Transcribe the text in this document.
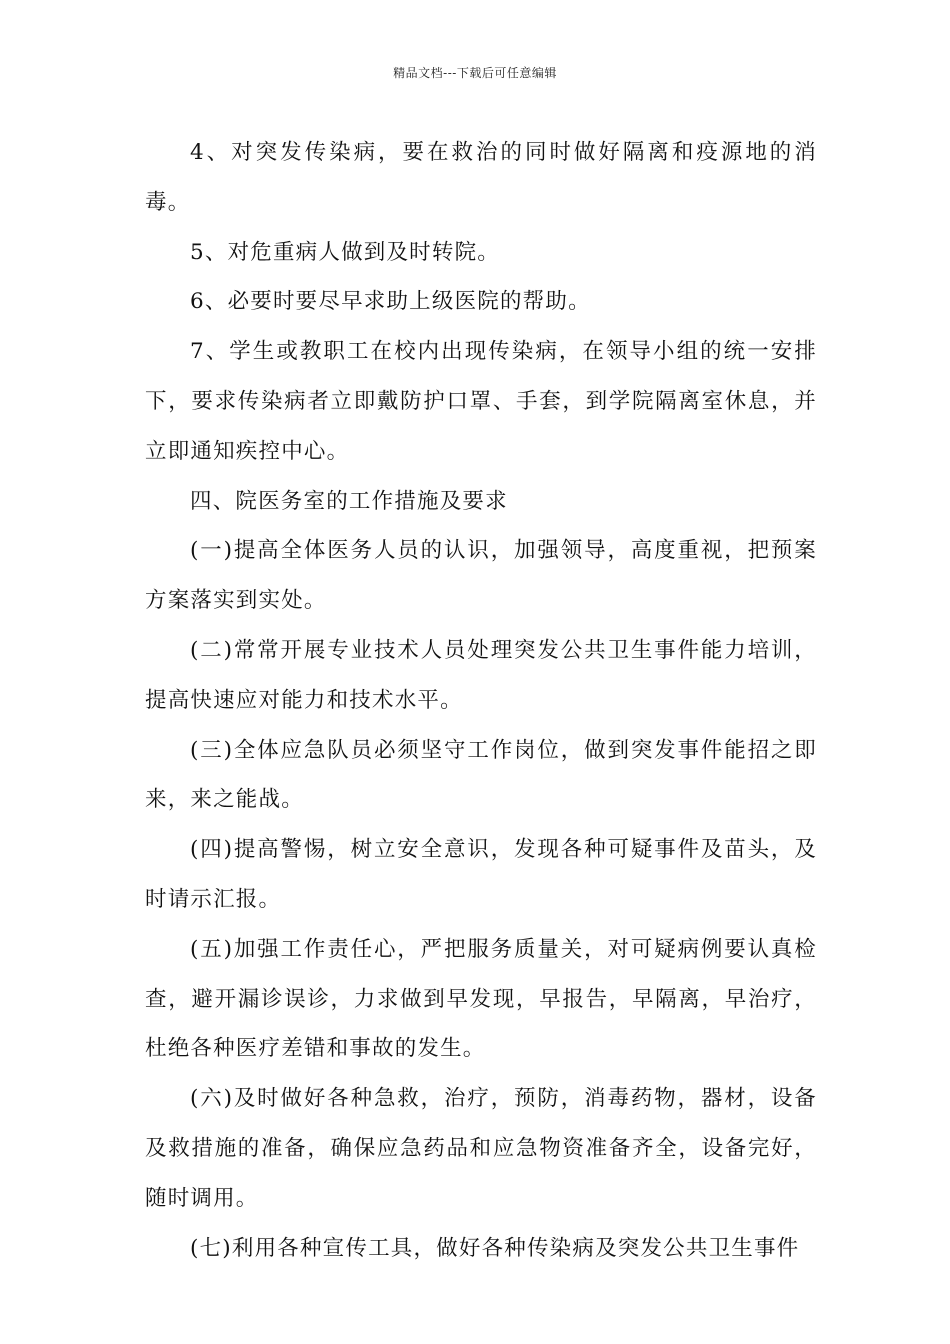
精品文档---下载后可任意编辑

4、对突发传染病，要在救治的同时做好隔离和疫源地的消毒。

5、对危重病人做到及时转院。

6、必要时要尽早求助上级医院的帮助。

7、学生或教职工在校内出现传染病，在领导小组的统一安排下，要求传染病者立即戴防护口罩、手套，到学院隔离室休息，并立即通知疾控中心。

四、院医务室的工作措施及要求

(一)提高全体医务人员的认识，加强领导，高度重视，把预案方案落实到实处。

(二)常常开展专业技术人员处理突发公共卫生事件能力培训，提高快速应对能力和技术水平。

(三)全体应急队员必须坚守工作岗位，做到突发事件能招之即来，来之能战。

(四)提高警惕，树立安全意识，发现各种可疑事件及苗头，及时请示汇报。

(五)加强工作责任心，严把服务质量关，对可疑病例要认真检查，避开漏诊误诊，力求做到早发现，早报告，早隔离，早治疗，杜绝各种医疗差错和事故的发生。

(六)及时做好各种急救，治疗，预防，消毒药物，器材，设备及救措施的准备，确保应急药品和应急物资准备齐全，设备完好，随时调用。

(七)利用各种宣传工具，做好各种传染病及突发公共卫生事件
